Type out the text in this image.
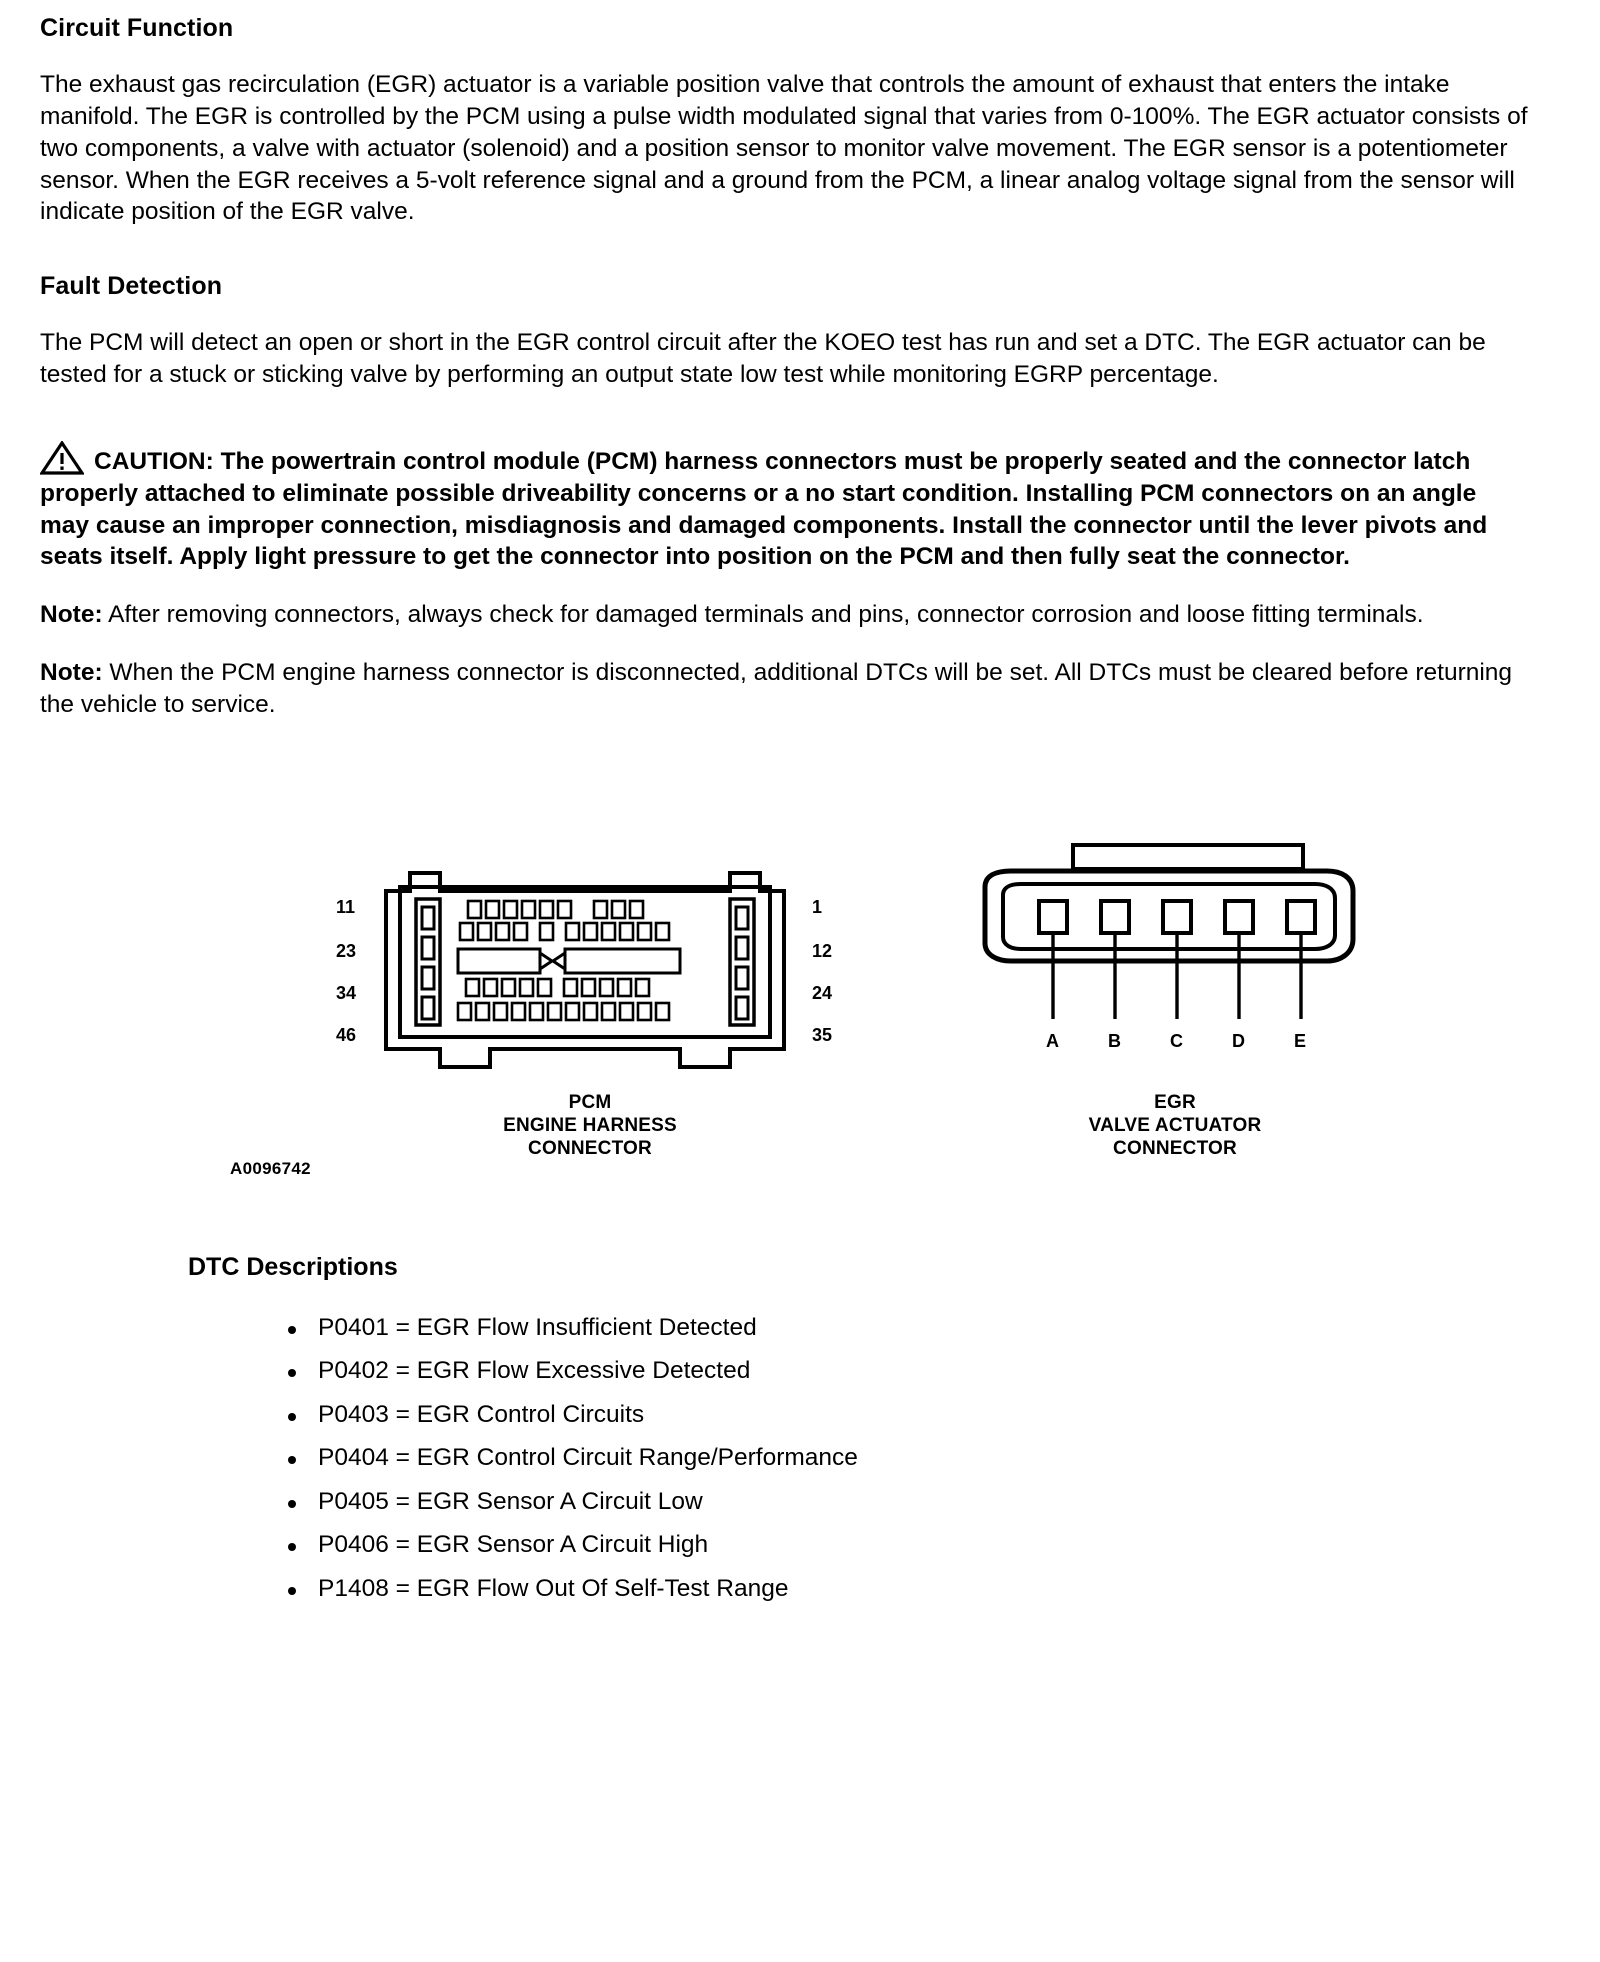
Circuit Function

The exhaust gas recirculation (EGR) actuator is a variable position valve that controls the amount of exhaust that enters the intake manifold. The EGR is controlled by the PCM using a pulse width modulated signal that varies from 0-100%. The EGR actuator consists of two components, a valve with actuator (solenoid) and a position sensor to monitor valve movement. The EGR sensor is a potentiometer sensor. When the EGR receives a 5-volt reference signal and a ground from the PCM, a linear analog voltage signal from the sensor will indicate position of the EGR valve.

Fault Detection

The PCM will detect an open or short in the EGR control circuit after the KOEO test has run and set a DTC. The EGR actuator can be tested for a stuck or sticking valve by performing an output state low test while monitoring EGRP percentage.

CAUTION: The powertrain control module (PCM) harness connectors must be properly seated and the connector latch properly attached to eliminate possible driveability concerns or a no start condition. Installing PCM connectors on an angle may cause an improper connection, misdiagnosis and damaged components. Install the connector until the lever pivots and seats itself. Apply light pressure to get the connector into position on the PCM and then fully seat the connector.

Note: After removing connectors, always check for damaged terminals and pins, connector corrosion and loose fitting terminals.

Note: When the PCM engine harness connector is disconnected, additional DTCs will be set. All DTCs must be cleared before returning the vehicle to service.

11
23
34
46
1
12
24
35
PCM
ENGINE HARNESS
CONNECTOR
A	B	C	D	E
EGR
VALVE ACTUATOR
CONNECTOR
A0096742
DTC Descriptions
P0401 = EGR Flow Insufficient Detected
P0402 = EGR Flow Excessive Detected
P0403 = EGR Control Circuits
P0404 = EGR Control Circuit Range/Performance
P0405 = EGR Sensor A Circuit Low
P0406 = EGR Sensor A Circuit High
P1408 = EGR Flow Out Of Self-Test Range
